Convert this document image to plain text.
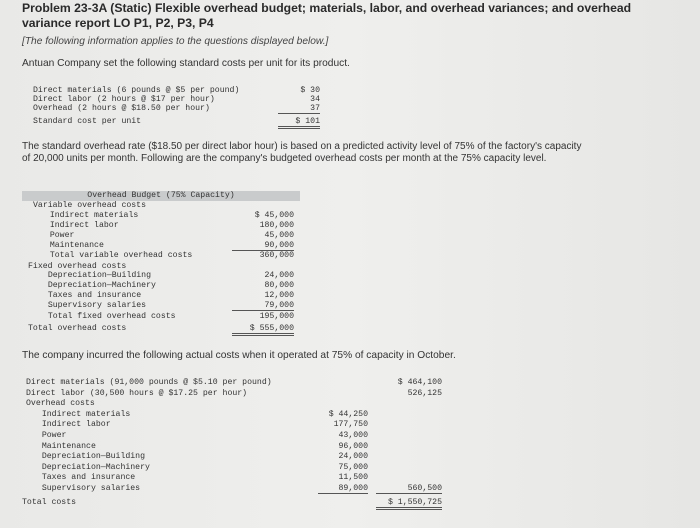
Problem 23-3A (Static) Flexible overhead budget; materials, labor, and overhead variances; and overhead variance report LO P1, P2, P3, P4
[The following information applies to the questions displayed below.]
Antuan Company set the following standard costs per unit for its product.
Direct materials (6 pounds @ $5 per pound)	$ 30
Direct labor (2 hours @ $17 per hour)	34
Overhead (2 hours @ $18.50 per hour)	37
Standard cost per unit	$ 101
The standard overhead rate ($18.50 per direct labor hour) is based on a predicted activity level of 75% of the factory's capacity of 20,000 units per month. Following are the company's budgeted overhead costs per month at the 75% capacity level.
Overhead Budget (75% Capacity)
Variable overhead costs
Indirect materials	$ 45,000
Indirect labor	180,000
Power	45,000
Maintenance	90,000
Total variable overhead costs	360,000
Fixed overhead costs
Depreciation—Building	24,000
Depreciation—Machinery	80,000
Taxes and insurance	12,000
Supervisory salaries	79,000
Total fixed overhead costs	195,000
Total overhead costs	$ 555,000
The company incurred the following actual costs when it operated at 75% of capacity in October.
Direct materials (91,000 pounds @ $5.10 per pound)	$ 464,100
Direct labor (30,500 hours @ $17.25 per hour)	526,125
Overhead costs
Indirect materials	$ 44,250
Indirect labor	177,750
Power	43,000
Maintenance	96,000
Depreciation—Building	24,000
Depreciation—Machinery	75,000
Taxes and insurance	11,500
Supervisory salaries	89,000	560,500
Total costs	$ 1,550,725
